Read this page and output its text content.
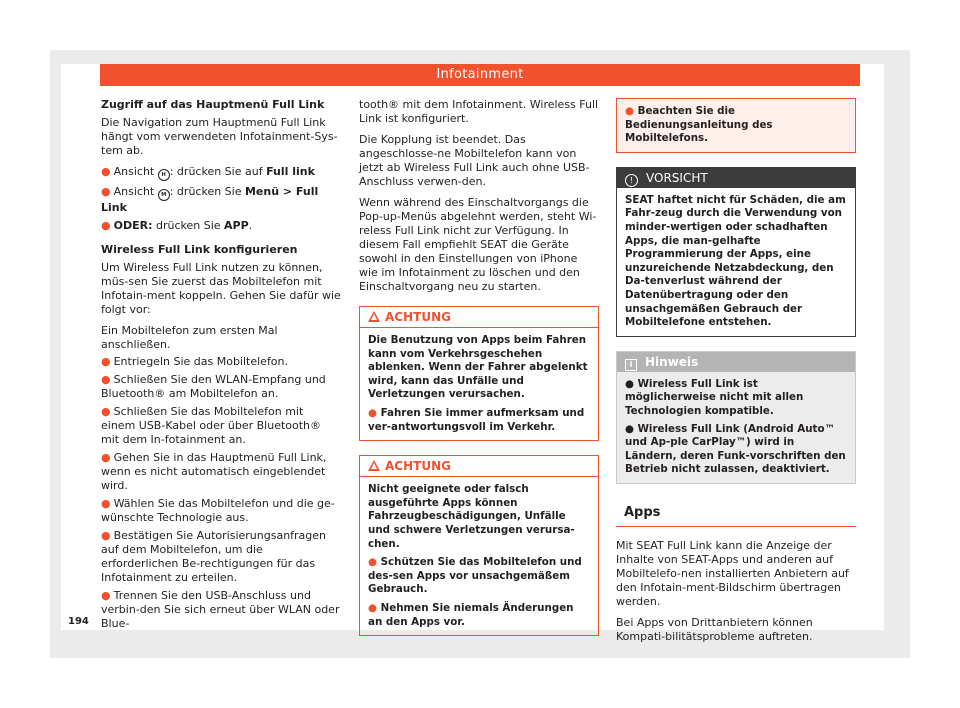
Infotainment
Zugriff auf das Hauptmenü Full Link

Die Navigation zum Hauptmenü Full Link hängt vom verwendeten Infotainment-Sys-tem ab.

● Ansicht H : drücken Sie auf Full link
● Ansicht M : drücken Sie Menü > Full Link
● ODER: drücken Sie APP.
Wireless Full Link konfigurieren

Um Wireless Full Link nutzen zu können, müs-sen Sie zuerst das Mobiltelefon mit Infotain-ment koppeln. Gehen Sie dafür wie folgt vor:

Ein Mobiltelefon zum ersten Mal anschließen.

● Entriegeln Sie das Mobiltelefon.
● Schließen Sie den WLAN-Empfang und Bluetooth® am Mobiltelefon an.
● Schließen Sie das Mobiltelefon mit einem USB-Kabel oder über Bluetooth® mit dem In-fotainment an.
● Gehen Sie in das Hauptmenü Full Link, wenn es nicht automatisch eingeblendet wird.
● Wählen Sie das Mobiltelefon und die ge-wünschte Technologie aus.
● Bestätigen Sie Autorisierungsanfragen auf dem Mobiltelefon, um die erforderlichen Be-rechtigungen für das Infotainment zu erteilen.
● Trennen Sie den USB-Anschluss und verbin-den Sie sich erneut über WLAN oder Blue-

tooth® mit dem Infotainment. Wireless Full Link ist konfiguriert.

Die Kopplung ist beendet. Das angeschlosse-ne Mobiltelefon kann von jetzt ab Wireless Full Link auch ohne USB-Anschluss verwen-den.

Wenn während des Einschaltvorgangs die Pop-up-Menüs abgelehnt werden, steht Wi-reless Full Link nicht zur Verfügung. In diesem Fall empfiehlt SEAT die Geräte sowohl in den Einstellungen von iPhone wie im Infotainment zu löschen und den Einschaltvorgang neu zu starten.

ACHTUNG

Die Benutzung von Apps beim Fahren kann vom Verkehrsgeschehen ablenken. Wenn der Fahrer abgelenkt wird, kann das Unfälle und Verletzungen verursachen.

● Fahren Sie immer aufmerksam und ver-antwortungsvoll im Verkehr.

ACHTUNG

Nicht geeignete oder falsch ausgeführte Apps können Fahrzeugbeschädigungen, Unfälle und schwere Verletzungen verursa-chen.

● Schützen Sie das Mobiltelefon und des-sen Apps vor unsachgemäßem Gebrauch.

● Nehmen Sie niemals Änderungen an den Apps vor.

● Beachten Sie die Bedienungsanleitung des Mobiltelefons.
! VORSICHT
SEAT haftet nicht für Schäden, die am Fahr-zeug durch die Verwendung von minder-wertigen oder schadhaften Apps, die man-gelhafte Programmierung der Apps, eine unzureichende Netzabdeckung, den Da-tenverlust während der Datenübertragung oder den unsachgemäßen Gebrauch der Mobiltelefone entstehen.
i Hinweis

● Wireless Full Link ist möglicherweise nicht mit allen Technologien kompatible.

● Wireless Full Link (Android Auto™ und Ap-ple CarPlay™) wird in Ländern, deren Funk-vorschriften den Betrieb nicht zulassen, deaktiviert.

Apps

Mit SEAT Full Link kann die Anzeige der Inhalte von SEAT-Apps und anderen auf Mobiltelefo-nen installierten Anbietern auf den Infotain-ment-Bildschirm übertragen werden.

Bei Apps von Drittanbietern können Kompati-bilitätsprobleme auftreten.

194
